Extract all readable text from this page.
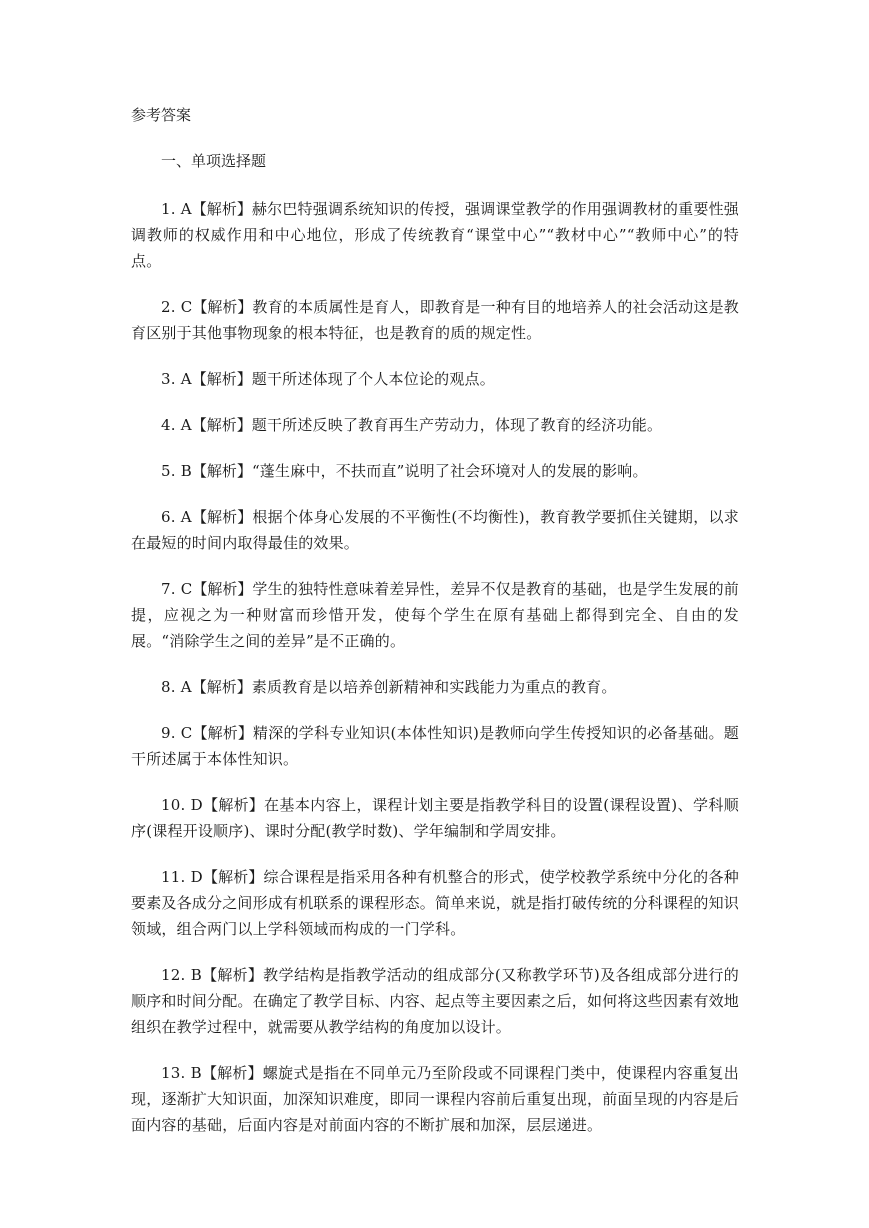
参考答案
一、单项选择题
1. A【解析】赫尔巴特强调系统知识的传授，强调课堂教学的作用强调教材的重要性强调教师的权威作用和中心地位，形成了传统教育“课堂中心”“教材中心”“教师中心”的特点。
2. C【解析】教育的本质属性是育人，即教育是一种有目的地培养人的社会活动这是教育区别于其他事物现象的根本特征，也是教育的质的规定性。
3. A【解析】题干所述体现了个人本位论的观点。
4. A【解析】题干所述反映了教育再生产劳动力，体现了教育的经济功能。
5. B【解析】“蓬生麻中，不扶而直”说明了社会环境对人的发展的影响。
6. A【解析】根据个体身心发展的不平衡性(不均衡性)，教育教学要抓住关键期，以求在最短的时间内取得最佳的效果。
7. C【解析】学生的独特性意味着差异性，差异不仅是教育的基础，也是学生发展的前提，应视之为一种财富而珍惜开发，使每个学生在原有基础上都得到完全、自由的发展。“消除学生之间的差异”是不正确的。
8. A【解析】素质教育是以培养创新精神和实践能力为重点的教育。
9. C【解析】精深的学科专业知识(本体性知识)是教师向学生传授知识的必备基础。题干所述属于本体性知识。
10. D【解析】在基本内容上，课程计划主要是指教学科目的设置(课程设置)、学科顺序(课程开设顺序)、课时分配(教学时数)、学年编制和学周安排。
11. D【解析】综合课程是指采用各种有机整合的形式，使学校教学系统中分化的各种要素及各成分之间形成有机联系的课程形态。简单来说，就是指打破传统的分科课程的知识领域，组合两门以上学科领域而构成的一门学科。
12. B【解析】教学结构是指教学活动的组成部分(又称教学环节)及各组成部分进行的顺序和时间分配。在确定了教学目标、内容、起点等主要因素之后，如何将这些因素有效地组织在教学过程中，就需要从教学结构的角度加以设计。
13. B【解析】螺旋式是指在不同单元乃至阶段或不同课程门类中，使课程内容重复出现，逐渐扩大知识面，加深知识难度，即同一课程内容前后重复出现，前面呈现的内容是后面内容的基础，后面内容是对前面内容的不断扩展和加深，层层递进。
